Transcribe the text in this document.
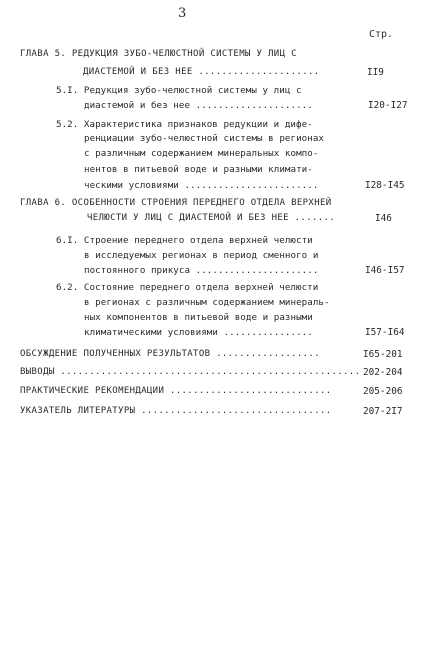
3
Стр.
ГЛАВА 5. РЕДУКЦИЯ ЗУБО-ЧЕЛЮСТНОЙ СИСТЕМЫ У ЛИЦ С
ДИАСТЕМОЙ И БЕЗ НЕЕ .....................	II9
5.I. Редукция зубо-челюстной системы у лиц с
диастемой и без нее .....................	I20-I27
5.2. Характеристика признаков редукции и дифе-
ренциации зубо-челюстной системы в регионах
с различным содержанием минеральных компо-
нентов в питьевой воде и разными климати-
ческими условиями ........................	I28-I45
ГЛАВА 6. ОСОБЕННОСТИ СТРОЕНИЯ ПЕРЕДНЕГО ОТДЕЛА ВЕРХНЕЙ
ЧЕЛЮСТИ У ЛИЦ С ДИАСТЕМОЙ И БЕЗ НЕЕ .......	I46
6.I. Строение переднего отдела верхней челюсти
в исследуемых регионах в период сменного и
постоянного прикуса ......................	I46-I57
6.2. Состояние переднего отдела верхней челюсти
в регионах с различным содержанием минераль-
ных компонентов в питьевой воде и разными
климатическими условиями ................	I57-I64
ОБСУЖДЕНИЕ ПОЛУЧЕННЫХ РЕЗУЛЬТАТОВ ..................	I65-201
ВЫВОДЫ .................................................... 202-204
ПРАКТИЧЕСКИЕ РЕКОМЕНДАЦИИ ............................	205-206
УКАЗАТЕЛЬ ЛИТЕРАТУРЫ .................................	207-2I7
